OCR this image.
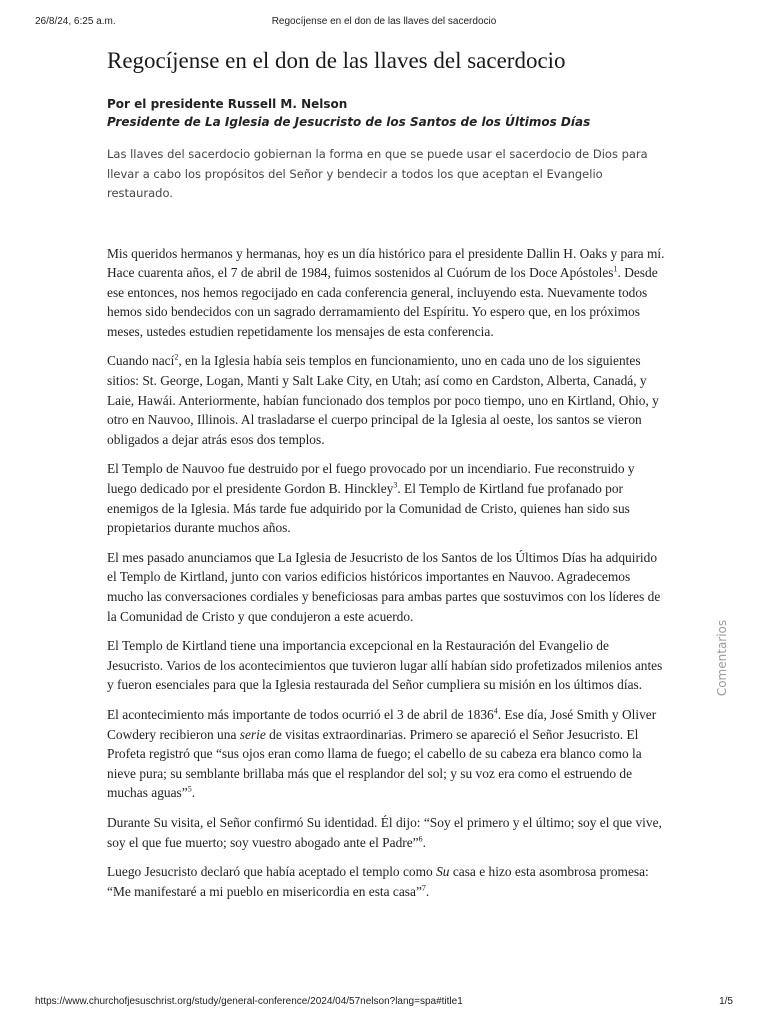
26/8/24, 6:25 a.m.	Regocíjense en el don de las llaves del sacerdocio
Regocíjense en el don de las llaves del sacerdocio
Por el presidente Russell M. Nelson
Presidente de La Iglesia de Jesucristo de los Santos de los Últimos Días
Las llaves del sacerdocio gobiernan la forma en que se puede usar el sacerdocio de Dios para llevar a cabo los propósitos del Señor y bendecir a todos los que aceptan el Evangelio restaurado.

Mis queridos hermanos y hermanas, hoy es un día histórico para el presidente Dallin H. Oaks y para mí. Hace cuarenta años, el 7 de abril de 1984, fuimos sostenidos al Cuórum de los Doce Apóstoles$^1$. Desde ese entonces, nos hemos regocijado en cada conferencia general, incluyendo esta. Nuevamente todos hemos sido bendecidos con un sagrado derramamiento del Espíritu. Yo espero que, en los próximos meses, ustedes estudien repetidamente los mensajes de esta conferencia.

Cuando nací$^2$, en la Iglesia había seis templos en funcionamiento, uno en cada uno de los siguientes sitios: St. George, Logan, Manti y Salt Lake City, en Utah; así como en Cardston, Alberta, Canadá, y Laie, Hawái. Anteriormente, habían funcionado dos templos por poco tiempo, uno en Kirtland, Ohio, y otro en Nauvoo, Illinois. Al trasladarse el cuerpo principal de la Iglesia al oeste, los santos se vieron obligados a dejar atrás esos dos templos.

El Templo de Nauvoo fue destruido por el fuego provocado por un incendiario. Fue reconstruido y luego dedicado por el presidente Gordon B. Hinckley$^3$. El Templo de Kirtland fue profanado por enemigos de la Iglesia. Más tarde fue adquirido por la Comunidad de Cristo, quienes han sido sus propietarios durante muchos años.

El mes pasado anunciamos que La Iglesia de Jesucristo de los Santos de los Últimos Días ha adquirido el Templo de Kirtland, junto con varios edificios históricos importantes en Nauvoo. Agradecemos mucho las conversaciones cordiales y beneficiosas para ambas partes que sostuvimos con los líderes de la Comunidad de Cristo y que condujeron a este acuerdo.

El Templo de Kirtland tiene una importancia excepcional en la Restauración del Evangelio de Jesucristo. Varios de los acontecimientos que tuvieron lugar allí habían sido profetizados milenios antes y fueron esenciales para que la Iglesia restaurada del Señor cumpliera su misión en los últimos días.

El acontecimiento más importante de todos ocurrió el 3 de abril de 1836$^4$. Ese día, José Smith y Oliver Cowdery recibieron una serie de visitas extraordinarias. Primero se apareció el Señor Jesucristo. El Profeta registró que “sus ojos eran como llama de fuego; el cabello de su cabeza era blanco como la nieve pura; su semblante brillaba más que el resplandor del sol; y su voz era como el estruendo de muchas aguas”$^5$.

Durante Su visita, el Señor confirmó Su identidad. Él dijo: “Soy el primero y el último; soy el que vive, soy el que fue muerto; soy vuestro abogado ante el Padre”$^6$.

Luego Jesucristo declaró que había aceptado el templo como Su casa e hizo esta asombrosa promesa: “Me manifestaré a mi pueblo en misericordia en esta casa”$^7$.

Comentarios
https://www.churchofjesuschrist.org/study/general-conference/2024/04/57nelson?lang=spa#title1	1/5
